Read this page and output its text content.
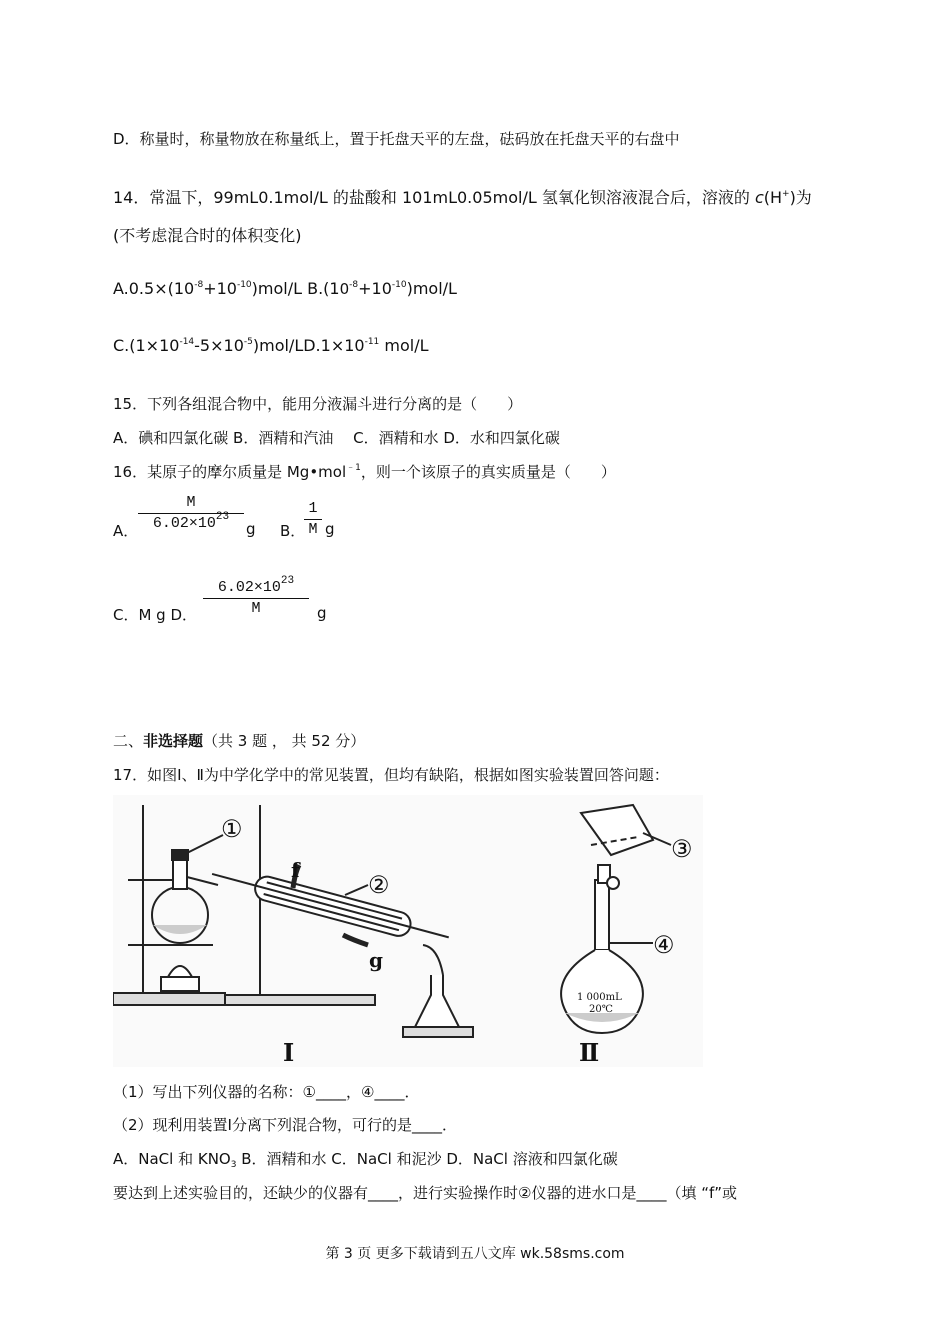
D．称量时，称量物放在称量纸上，置于托盘天平的左盘，砝码放在托盘天平的右盘中
14．常温下，99mL0.1mol/L 的盐酸和 101mL0.05mol/L 氢氧化钡溶液混合后，溶液的 c(H+)为
(不考虑混合时的体积变化)
$A.0.5\times(10^{-8}+10^{-10})mol/L$ $B.(10^{-8}+10^{-10})mol/L$
$C.(1\times 10^{-14}-5\times 10^{-5})mol/LD.1\times 10^{-11}$ mol/L
15．下列各组混合物中，能用分液漏斗进行分离的是（　　）
A．碘和四氯化碳 B．酒精和汽油　 C．酒精和水 D．水和四氯化碳
16．某原子的摩尔质量是 Mg•mol$^{﹣1}$，则一个该原子的真实质量是（　　）
A．
M
$6.02\times 10^{23}$
g B．
1
M g
C．M g D．
$6.02\times 10^{23}$
M	g
二、非选择题（共 3 题 ， 共 52 分）
17．如图Ⅰ、Ⅱ为中学化学中的常见装置，但均有缺陷，根据如图实验装置回答问题：
①
②
③
④
f
g
1 000mL
20℃
Ⅰ	Ⅱ
（1）写出下列仪器的名称：①____，④____．
（2）现利用装置Ⅰ分离下列混合物，可行的是____．
A．NaCl 和 $KNO_3$ B．酒精和水 C．NaCl 和泥沙 D．NaCl 溶液和四氯化碳
要达到上述实验目的，还缺少的仪器有____，进行实验操作时②仪器的进水口是____（填 “f”或
第 3 页 更多下载请到五八文库 wk.58sms.com
